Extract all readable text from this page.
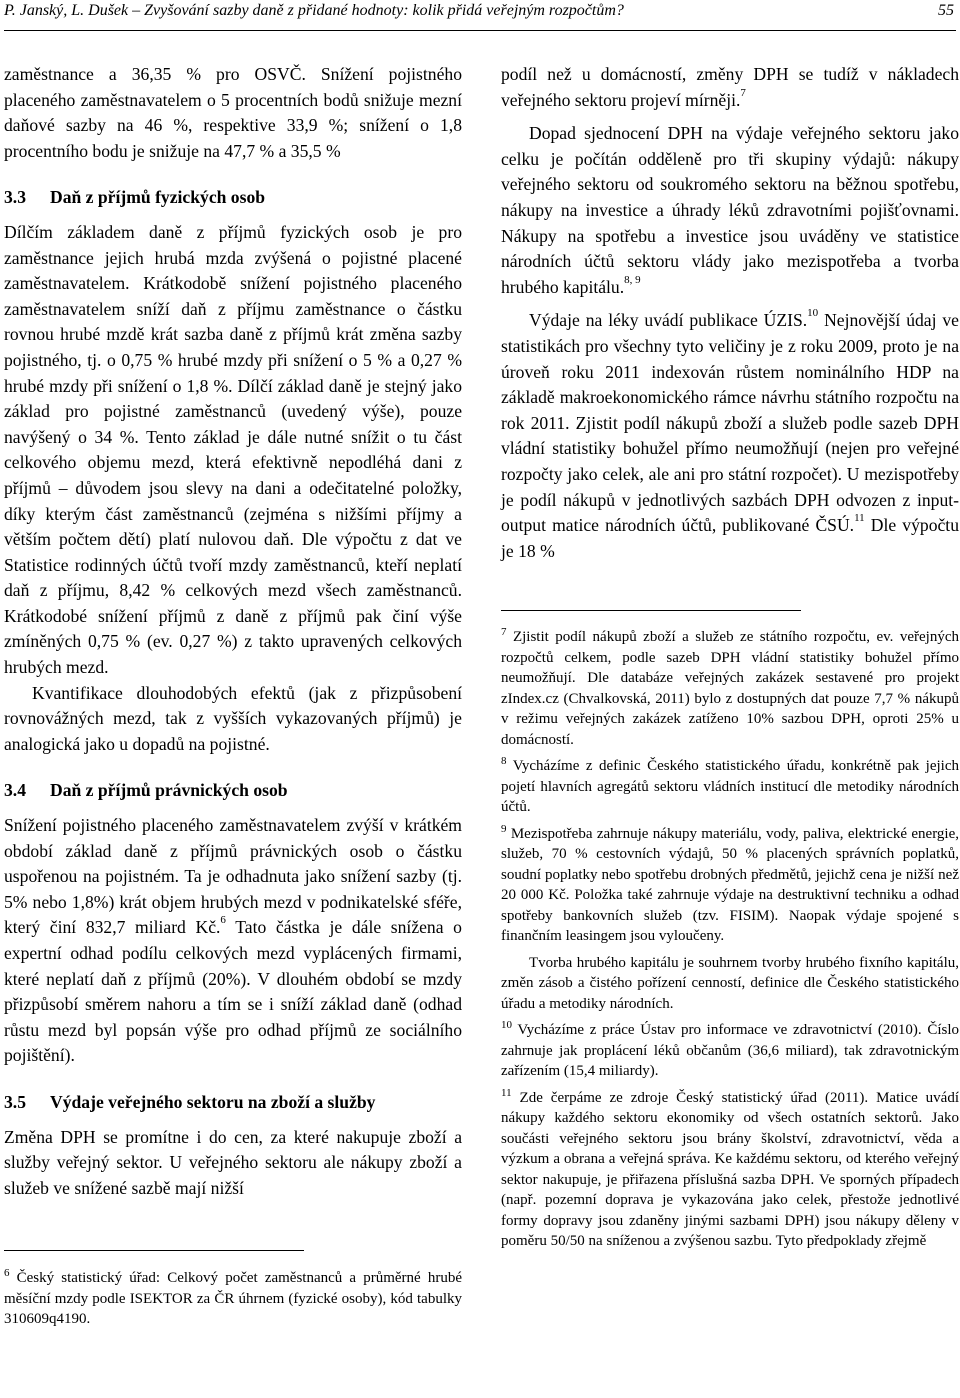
P. Janský, L. Dušek – Zvyšování sazby daně z přidané hodnoty: kolik přidá veřejným rozpočtům?	55

zaměstnance a 36,35 % pro OSVČ. Snížení pojistného placeného zaměstnavatelem o 5 procentních bodů snižuje mezní daňové sazby na 46 %, respektive 33,9 %; snížení o 1,8 procentního bodu je snižuje na 47,7 % a 35,5 %

3.3 Daň z příjmů fyzických osob

Dílčím základem daně z příjmů fyzických osob je pro zaměstnance jejich hrubá mzda zvýšená o pojistné placené zaměstnavatelem. Krátkodobě snížení pojistného placeného zaměstnavatelem sníží daň z příjmu zaměstnance o částku rovnou hrubé mzdě krát sazba daně z příjmů krát změna sazby pojistného, tj. o 0,75 % hrubé mzdy při snížení o 5 % a 0,27 % hrubé mzdy při snížení o 1,8 %. Dílčí základ daně je stejný jako základ pro pojistné zaměstnanců (uvedený výše), pouze navýšený o 34 %. Tento základ je dále nutné snížit o tu část celkového objemu mezd, která efektivně nepodléhá dani z příjmů – důvodem jsou slevy na dani a odečitatelné položky, díky kterým část zaměstnanců (zejména s nižšími příjmy a větším počtem dětí) platí nulovou daň. Dle výpočtu z dat ve Statistice rodinných účtů tvoří mzdy zaměstnanců, kteří neplatí daň z příjmu, 8,42 % celkových mezd všech zaměstnanců. Krátkodobé snížení příjmů z daně z příjmů pak činí výše zmíněných 0,75 % (ev. 0,27 %) z takto upravených celkových hrubých mezd.

Kvantifikace dlouhodobých efektů (jak z přizpůsobení rovnovážných mezd, tak z vyšších vykazovaných příjmů) je analogická jako u dopadů na pojistné.

3.4 Daň z příjmů právnických osob

Snížení pojistného placeného zaměstnavatelem zvýší v krátkém období základ daně z příjmů právnických osob o částku uspořenou na pojistném. Ta je odhadnuta jako snížení sazby (tj. 5% nebo 1,8%) krát objem hrubých mezd v podnikatelské sféře, který činí 832,7 miliard Kč.$^6$ Tato částka je dále snížena o expertní odhad podílu celkových mezd vyplácených firmami, které neplatí daň z příjmů (20%). V dlouhém období se mzdy přizpůsobí směrem nahoru a tím se i sníží základ daně (odhad růstu mezd byl popsán výše pro odhad příjmů ze sociálního pojištění).

3.5 Výdaje veřejného sektoru na zboží a služby

Změna DPH se promítne i do cen, za které nakupuje zboží a služby veřejný sektor. U veřejného sektoru ale nákupy zboží a služeb ve snížené sazbě mají nižší

$^6$ Český statistický úřad: Celkový počet zaměstnanců a průměrné hrubé měsíční mzdy podle ISEKTOR za ČR úhrnem (fyzické osoby), kód tabulky 310609q4190.

podíl než u domácností, změny DPH se tudíž v nákladech veřejného sektoru projeví mírněji.$^7$

Dopad sjednocení DPH na výdaje veřejného sektoru jako celku je počítán odděleně pro tři skupiny výdajů: nákupy veřejného sektoru od soukromého sektoru na běžnou spotřebu, nákupy na investice a úhrady léků zdravotními pojišťovnami. Nákupy na spotřebu a investice jsou uváděny ve statistice národních účtů sektoru vlády jako mezispotřeba a tvorba hrubého kapitálu.$^{8, 9}$

Výdaje na léky uvádí publikace ÚZIS.$^{10}$ Nejnovější údaj ve statistikách pro všechny tyto veličiny je z roku 2009, proto je na úroveň roku 2011 indexován růstem nominálního HDP na základě makroekonomického rámce návrhu státního rozpočtu na rok 2011. Zjistit podíl nákupů zboží a služeb podle sazeb DPH vládní statistiky bohužel přímo neumožňují (nejen pro veřejné rozpočty jako celek, ale ani pro státní rozpočet). U mezispotřeby je podíl nákupů v jednotlivých sazbách DPH odvozen z input-output matice národních účtů, publikované ČSÚ.$^{11}$ Dle výpočtu je 18 %

$^7$ Zjistit podíl nákupů zboží a služeb ze státního rozpočtu, ev. veřejných rozpočtů celkem, podle sazeb DPH vládní statistiky bohužel přímo neumožňují. Dle databáze veřejných zakázek sestavené pro projekt zIndex.cz (Chvalkovská, 2011) bylo z dostupných dat pouze 7,7 % nákupů v režimu veřejných zakázek zatíženo 10% sazbou DPH, oproti 25% u domácností.

$^8$ Vycházíme z definic Českého statistického úřadu, konkrétně pak jejich pojetí hlavních agregátů sektoru vládních institucí dle metodiky národních účtů.

$^9$ Mezispotřeba zahrnuje nákupy materiálu, vody, paliva, elektrické energie, služeb, 70 % cestovních výdajů, 50 % placených správních poplatků, soudní poplatky nebo spotřebu drobných předmětů, jejichž cena je nižší než 20 000 Kč. Položka také zahrnuje výdaje na destruktivní techniku a odhad spotřeby bankovních služeb (tzv. FISIM). Naopak výdaje spojené s finančním leasingem jsou vyloučeny.

Tvorba hrubého kapitálu je souhrnem tvorby hrubého fixního kapitálu, změn zásob a čistého pořízení cenností, definice dle Českého statistického úřadu a metodiky národních.

$^{10}$ Vycházíme z práce Ústav pro informace ve zdravotnictví (2010). Číslo zahrnuje jak proplácení léků občanům (36,6 miliard), tak zdravotnickým zařízením (15,4 miliardy).

$^{11}$ Zde čerpáme ze zdroje Český statistický úřad (2011). Matice uvádí nákupy každého sektoru ekonomiky od všech ostatních sektorů. Jako součásti veřejného sektoru jsou brány školství, zdravotnictví, věda a výzkum a obrana a veřejná správa. Ke každému sektoru, od kterého veřejný sektor nakupuje, je přiřazena příslušná sazba DPH. Ve sporných případech (např. pozemní doprava je vykazována jako celek, přestože jednotlivé formy dopravy jsou zdaněny jinými sazbami DPH) jsou nákupy děleny v poměru 50/50 na sníženou a zvýšenou sazbu. Tyto předpoklady zřejmě
